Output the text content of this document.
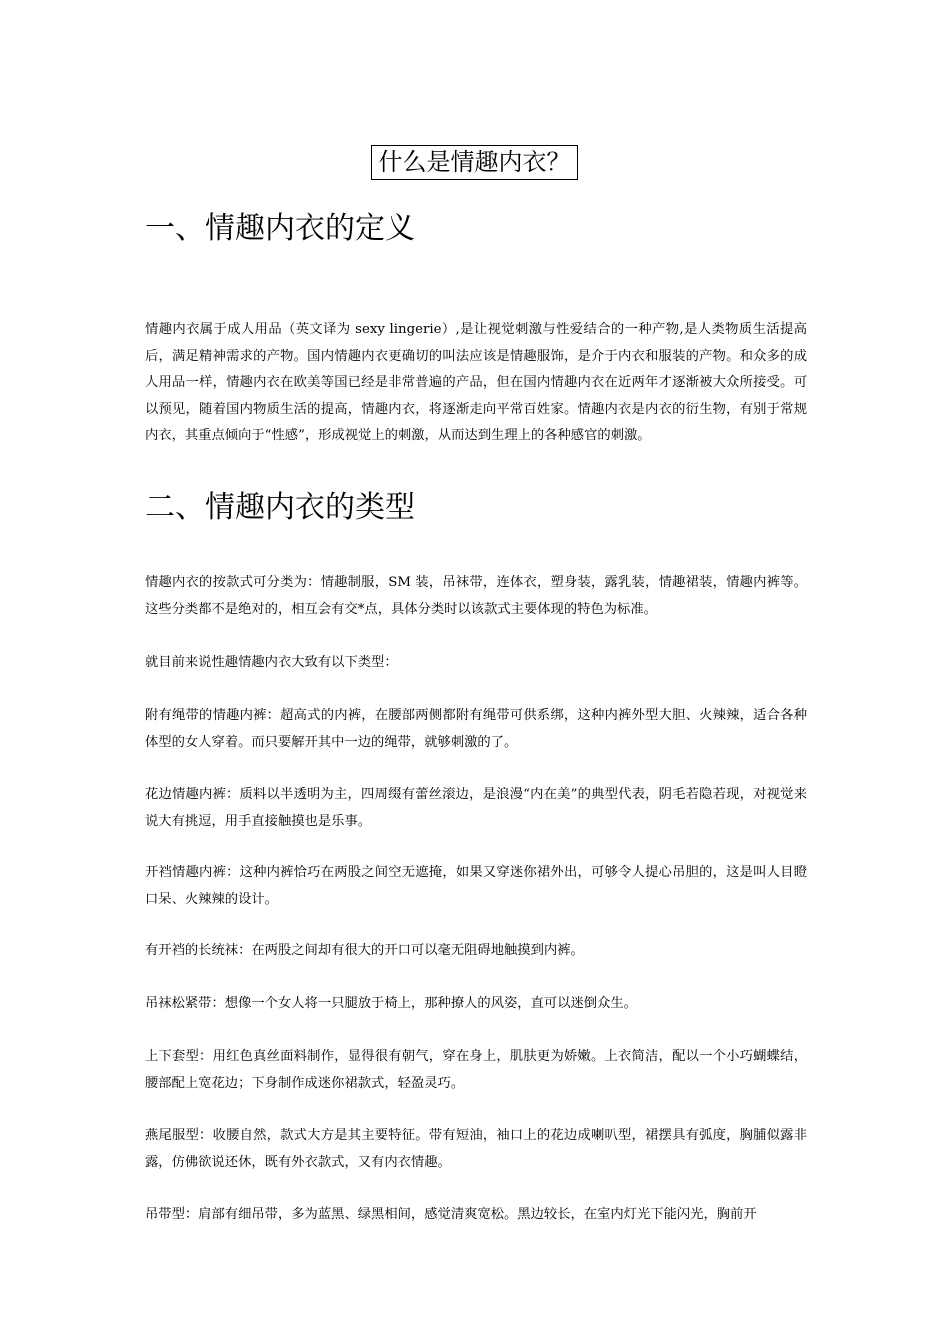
什么是情趣内衣？
一、情趣内衣的定义
情趣内衣属于成人用品（英文译为 sexy lingerie）,是让视觉刺激与性爱结合的一种产物,是人类物质生活提高后，满足精神需求的产物。国内情趣内衣更确切的叫法应该是情趣服饰，是介于内衣和服装的产物。和众多的成人用品一样，情趣内衣在欧美等国已经是非常普遍的产品，但在国内情趣内衣在近两年才逐渐被大众所接受。可以预见，随着国内物质生活的提高，情趣内衣，将逐渐走向平常百姓家。情趣内衣是内衣的衍生物，有别于常规内衣，其重点倾向于“性感”，形成视觉上的刺激，从而达到生理上的各种感官的刺激。
二、情趣内衣的类型
情趣内衣的按款式可分类为：情趣制服，SM 装，吊袜带，连体衣，塑身装，露乳装，情趣裙装，情趣内裤等。这些分类都不是绝对的，相互会有交*点，具体分类时以该款式主要体现的特色为标准。
就目前来说性趣情趣内衣大致有以下类型：
附有绳带的情趣内裤：超高式的内裤，在腰部两侧都附有绳带可供系绑，这种内裤外型大胆、火辣辣，适合各种体型的女人穿着。而只要解开其中一边的绳带，就够刺激的了。
花边情趣内裤：质料以半透明为主，四周缀有蕾丝滚边，是浪漫“内在美”的典型代表，阴毛若隐若现，对视觉来说大有挑逗，用手直接触摸也是乐事。
开裆情趣内裤：这种内裤恰巧在两股之间空无遮掩，如果又穿迷你裙外出，可够令人提心吊胆的，这是叫人目瞪口呆、火辣辣的设计。
有开裆的长统袜：在两股之间却有很大的开口可以毫无阻碍地触摸到内裤。
吊袜松紧带：想像一个女人将一只腿放于椅上，那种撩人的风姿，直可以迷倒众生。
上下套型：用红色真丝面料制作，显得很有朝气，穿在身上，肌肤更为娇嫩。上衣简洁，配以一个小巧蝴蝶结，腰部配上宽花边；下身制作成迷你裙款式，轻盈灵巧。
燕尾服型：收腰自然，款式大方是其主要特征。带有短油，袖口上的花边成喇叭型，裙摆具有弧度，胸脯似露非露，仿佛欲说还休，既有外衣款式，又有内衣情趣。
吊带型：肩部有细吊带，多为蓝黑、绿黑相间，感觉清爽宽松。黑边较长，在室内灯光下能闪光，胸前开
